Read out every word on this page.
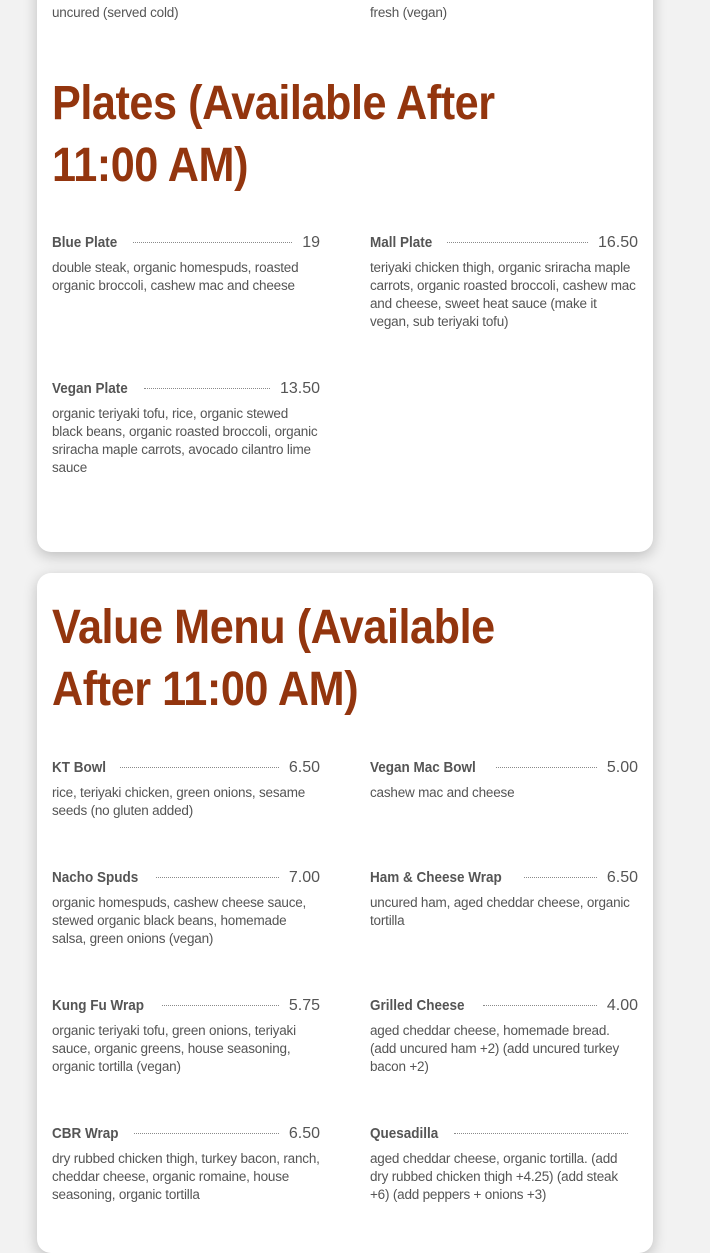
uncured (served cold)	fresh (vegan)
Plates (Available After 11:00 AM)
Blue Plate	19
double steak, organic homespuds, roasted organic broccoli, cashew mac and cheese
Mall Plate	16.50
teriyaki chicken thigh, organic sriracha maple carrots, organic roasted broccoli, cashew mac and cheese, sweet heat sauce (make it vegan, sub teriyaki tofu)
Vegan Plate	13.50
organic teriyaki tofu, rice, organic stewed black beans, organic roasted broccoli, organic sriracha maple carrots, avocado cilantro lime sauce
Value Menu (Available After 11:00 AM)
KT Bowl	6.50
rice, teriyaki chicken, green onions, sesame seeds (no gluten added)
Vegan Mac Bowl	5.00
cashew mac and cheese
Nacho Spuds	7.00
organic homespuds, cashew cheese sauce, stewed organic black beans, homemade salsa, green onions (vegan)
Ham & Cheese Wrap	6.50
uncured ham, aged cheddar cheese, organic tortilla
Kung Fu Wrap	5.75
organic teriyaki tofu, green onions, teriyaki sauce, organic greens, house seasoning, organic tortilla (vegan)
Grilled Cheese	4.00
aged cheddar cheese, homemade bread. (add uncured ham +2) (add uncured turkey bacon +2)
CBR Wrap	6.50
dry rubbed chicken thigh, turkey bacon, ranch, cheddar cheese, organic romaine, house seasoning, organic tortilla
Quesadilla
aged cheddar cheese, organic tortilla. (add dry rubbed chicken thigh +4.25) (add steak +6) (add peppers + onions +3)
